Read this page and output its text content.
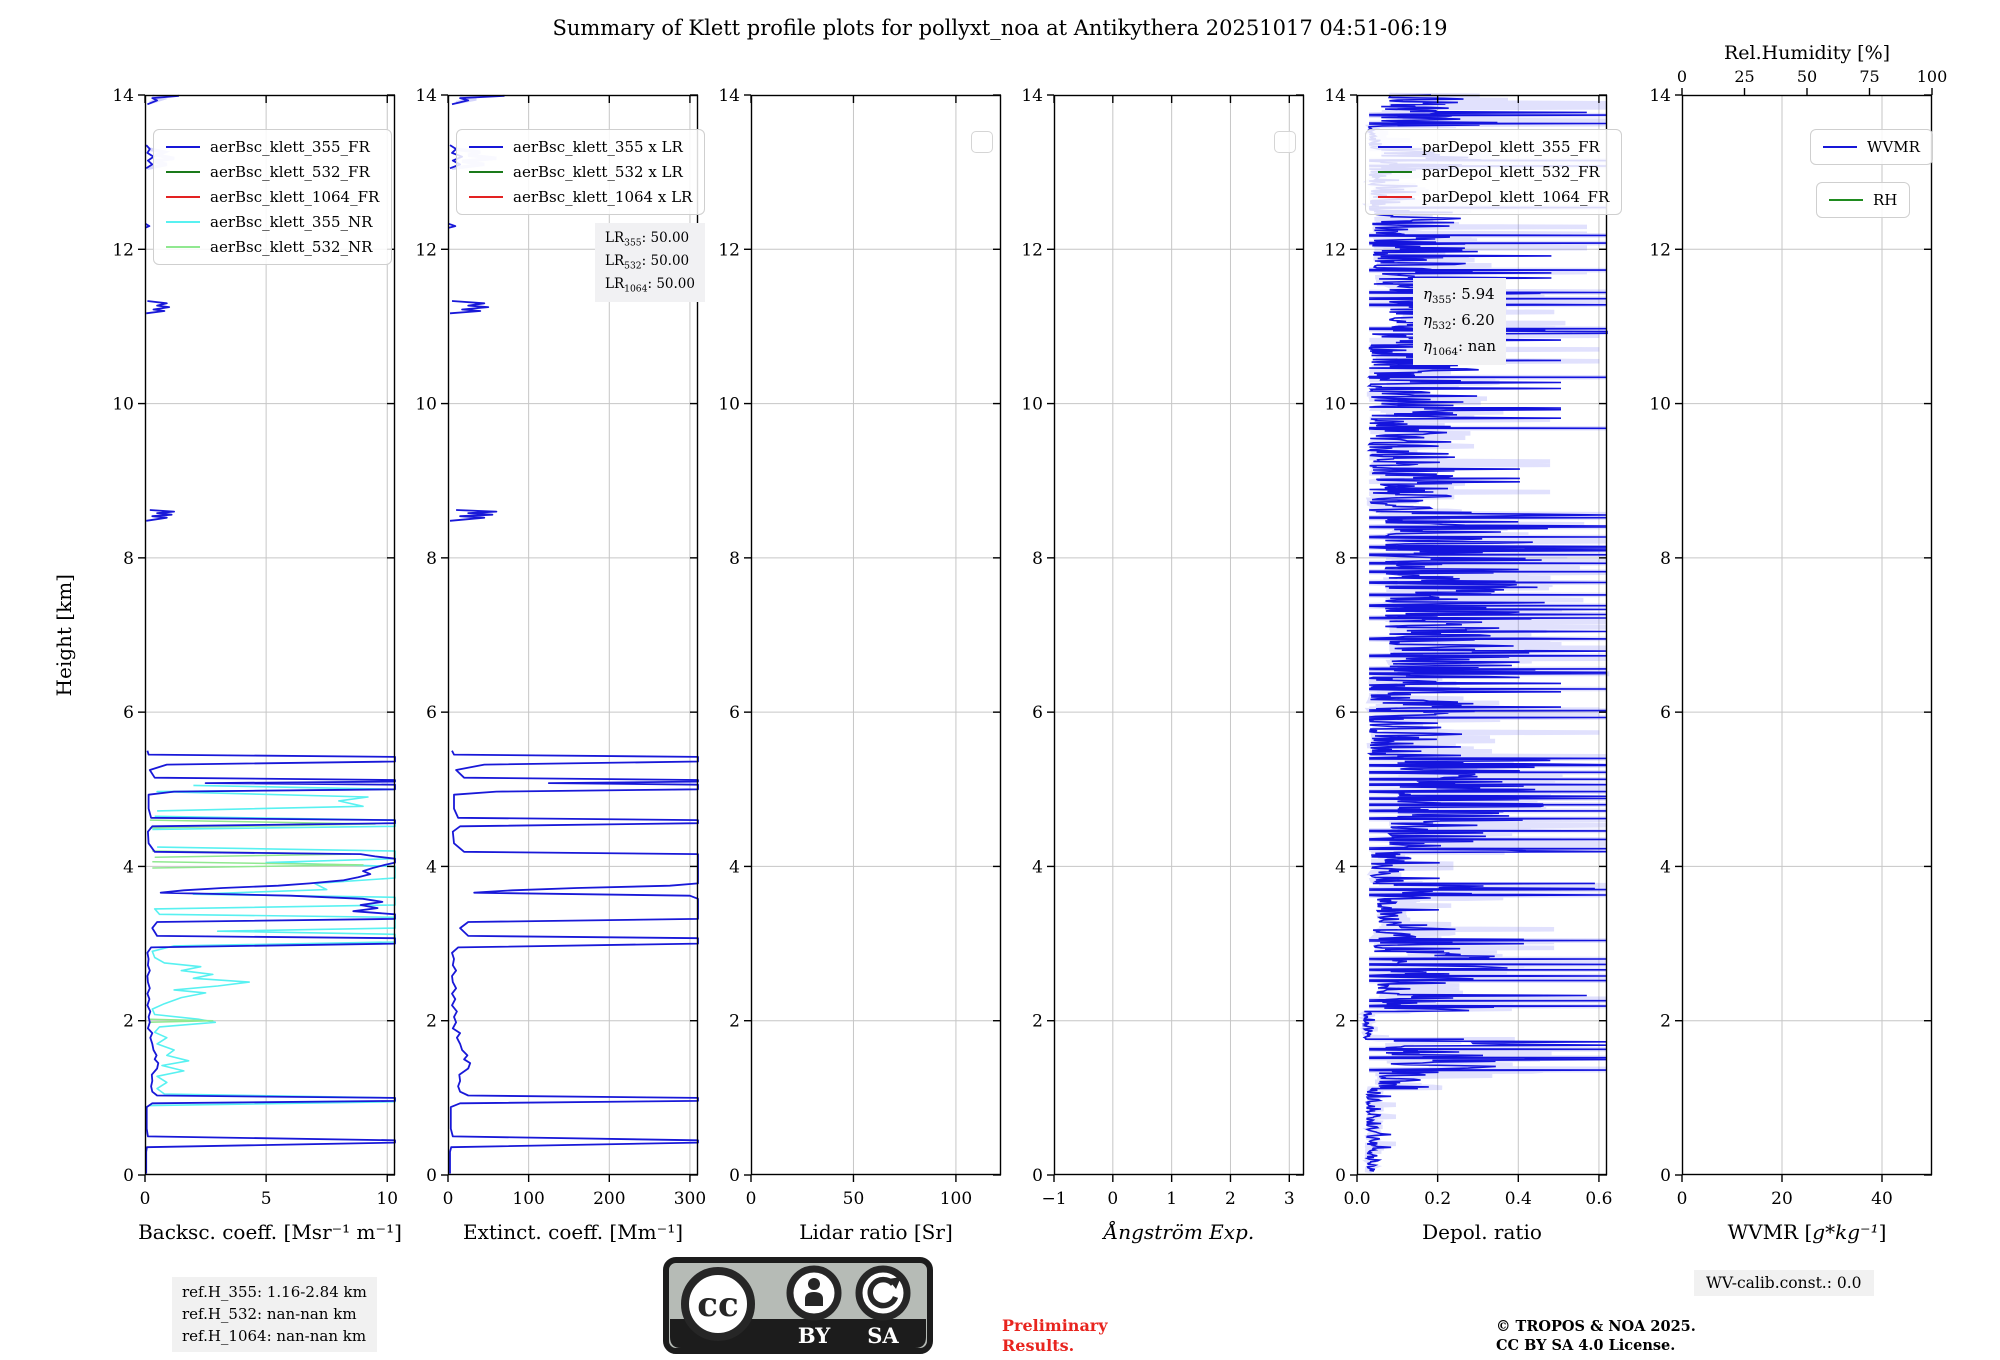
Summary of Klett profile plots for pollyxt_noa at Antikythera 20251017 04:51-06:19
Height [km]
0	5	10
0
2
4
6
8
10
12
14
Backsc. coeff. [Msr⁻¹ m⁻¹]
aerBsc_klett_355_FR
aerBsc_klett_532_FR
aerBsc_klett_1064_FR
aerBsc_klett_355_NR
aerBsc_klett_532_NR
0	100	200	300
0
2
4
6
8
10
12
14
Extinct. coeff. [Mm⁻¹]
aerBsc_klett_355 x LR
aerBsc_klett_532 x LR
aerBsc_klett_1064 x LR
$LR_{355}$: 50.00
$LR_{532}$: 50.00
$LR_{1064}$: 50.00
0	50	100
0
2
4
6
8
10
12
14
Lidar ratio [Sr]
−1 0	1	2	3
0
2
4
6
8
10
12
14
Ångström Exp.
0.0	0.2	0.4	0.6
0
2
4
6
8
10
12
14
Depol. ratio
parDepol_klett_355_FR
parDepol_klett_532_FR
parDepol_klett_1064_FR
$\eta_{355}$: 5.94
$\eta_{532}$: 6.20
$\eta_{1064}$: nan
0	20	40
0
2
4
6
8
10
12
14
0	25	50	75 100
Rel.Humidity [%]
WVMR [g*kg⁻¹]
WVMR
RH
ref.H_355: 1.16-2.84 km
ref.H_532: nan-nan km
ref.H_1064: nan-nan km
cc
BY SA	Preliminary
Results.
© TROPOS & NOA 2025.
CC BY SA 4.0 License.
WV-calib.const.: 0.0
